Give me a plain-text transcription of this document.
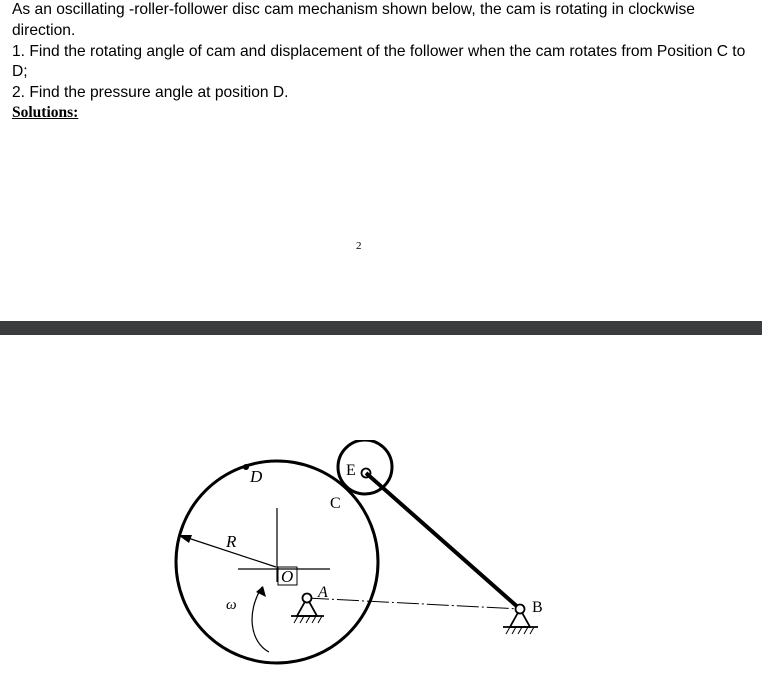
As an oscillating -roller-follower disc cam mechanism shown below, the cam is rotating in clockwise direction.

1. Find the rotating angle of cam and displacement of the follower when the cam rotates from Position C to D;

2. Find the pressure angle at position D.

Solutions:
2
D	E
C
R
O
A
B
ω
